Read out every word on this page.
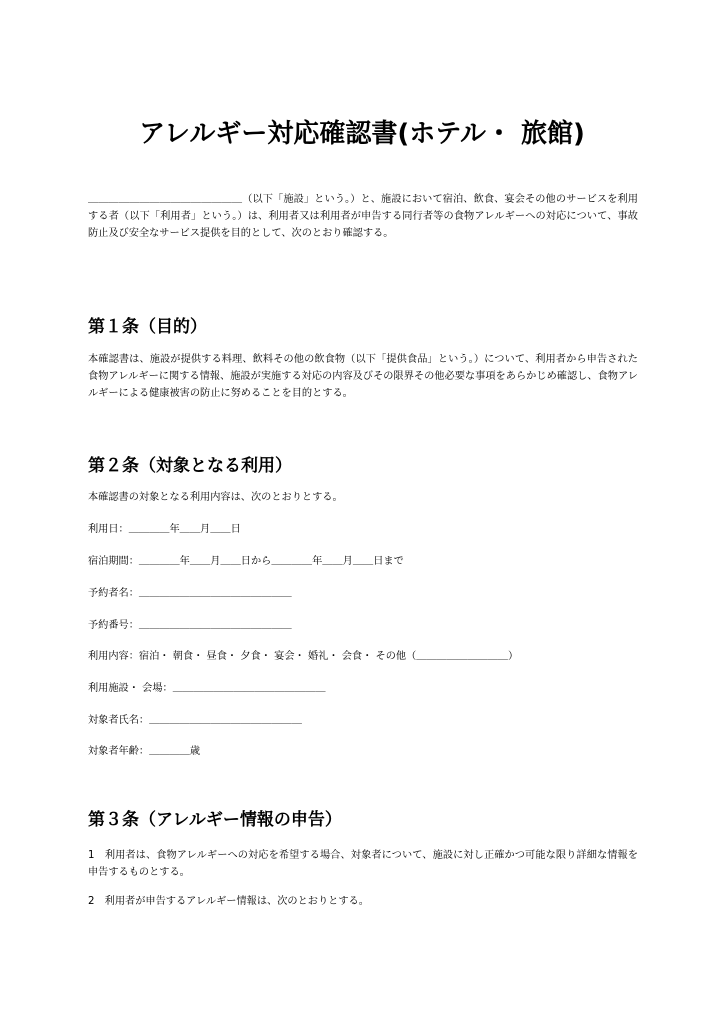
アレルギー対応確認書(ホテル・ 旅館)

＿＿＿＿＿＿＿＿＿＿＿＿＿＿＿（以下「施設」という。）と、施設において宿泊、飲食、宴会その他のサービスを利用する者（以下「利用者」という。）は、利用者又は利用者が申告する同行者等の食物アレルギーへの対応について、事故防止及び安全なサービス提供を目的として、次のとおり確認する。

第１条（目的）

本確認書は、施設が提供する料理、飲料その他の飲食物（以下「提供食品」という。）について、利用者から申告された食物アレルギーに関する情報、施設が実施する対応の内容及びその限界その他必要な事項をあらかじめ確認し、食物アレルギーによる健康被害の防止に努めることを目的とする。

第２条（対象となる利用）

本確認書の対象となる利用内容は、次のとおりとする。

利用日：＿＿＿＿年＿＿月＿＿日

宿泊期間：＿＿＿＿年＿＿月＿＿日から＿＿＿＿年＿＿月＿＿日まで

予約者名：＿＿＿＿＿＿＿＿＿＿＿＿＿＿＿

予約番号：＿＿＿＿＿＿＿＿＿＿＿＿＿＿＿

利用内容：宿泊・ 朝食・ 昼食・ 夕食・ 宴会・ 婚礼・ 会食・ その他（＿＿＿＿＿＿＿＿＿）

利用施設・ 会場：＿＿＿＿＿＿＿＿＿＿＿＿＿＿＿

対象者氏名：＿＿＿＿＿＿＿＿＿＿＿＿＿＿＿

対象者年齢：＿＿＿＿歳

第３条（アレルギー情報の申告）

1　利用者は、食物アレルギーへの対応を希望する場合、対象者について、施設に対し正確かつ可能な限り詳細な情報を申告するものとする。

2　利用者が申告するアレルギー情報は、次のとおりとする。
